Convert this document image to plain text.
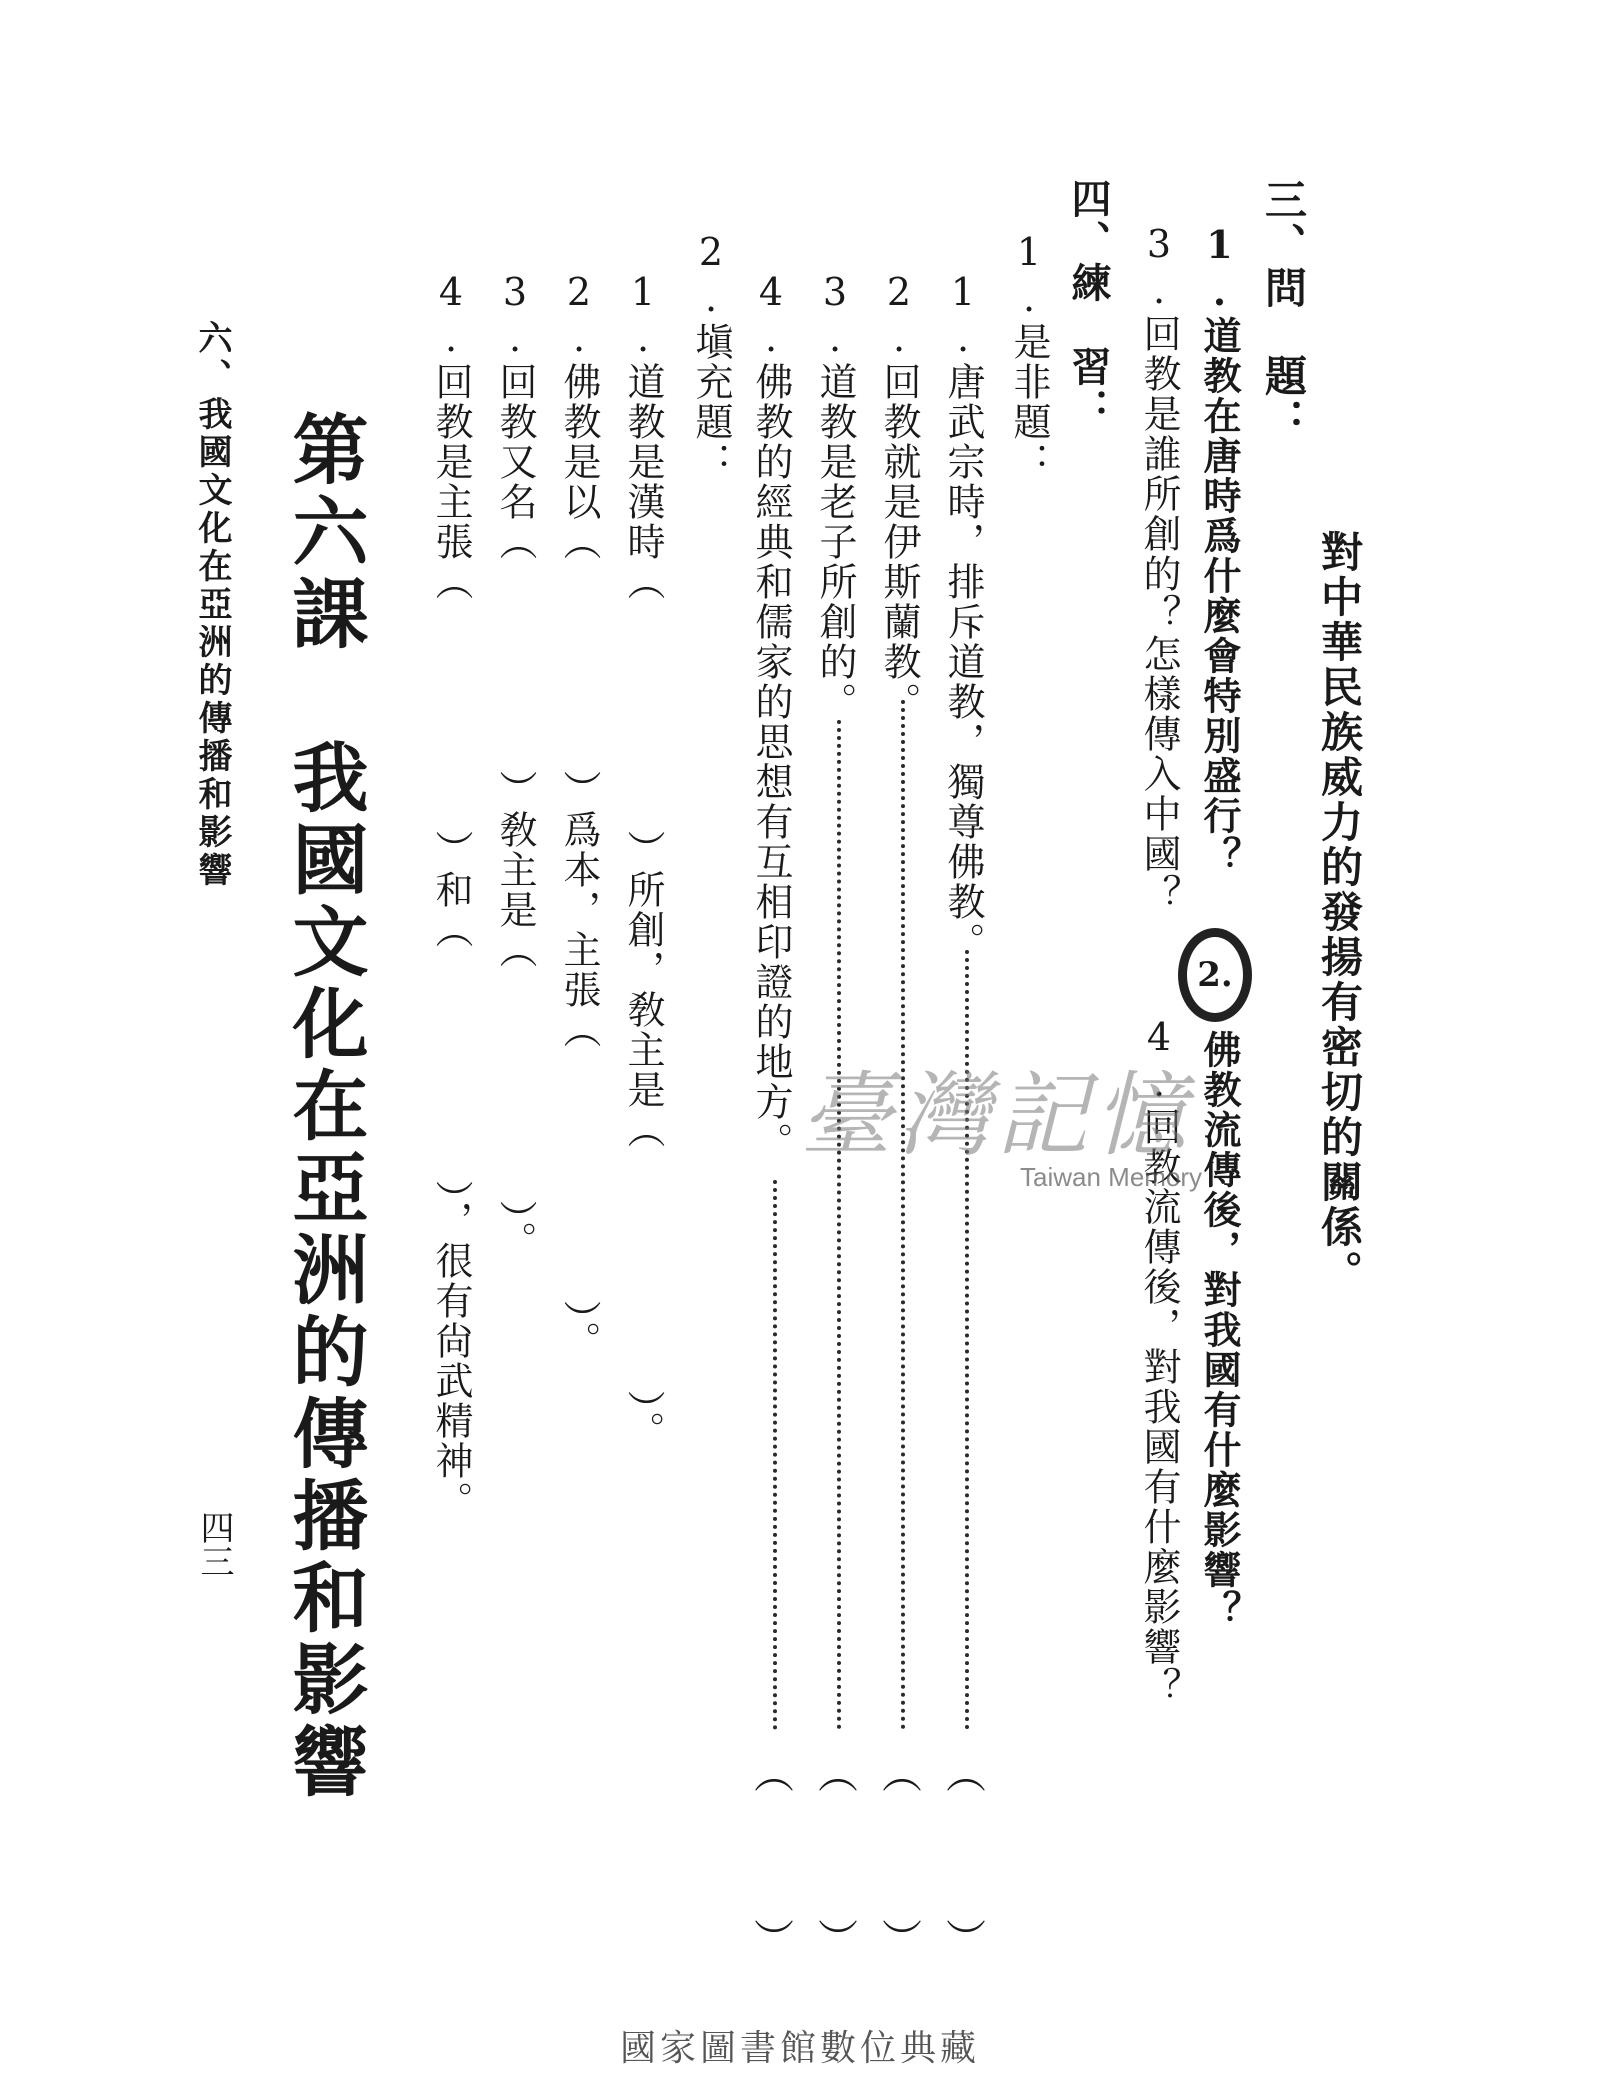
對中華民族威力的發揚有密切的關係。
三、問　題：
1.道教在唐時爲什麼會特別盛行？
2.
佛教流傳後，對我國有什麼影響？
3.回教是誰所創的？怎樣傳入中國？
4.回教流傳後，對我國有什麼影響？
四、練　習：
1.是非題：
1.唐武宗時，排斥道教，獨尊佛教。
2.回教就是伊斯蘭教。
3.道教是老子所創的。
4.佛教的經典和儒家的思想有互相印證的地方。
︵
︶
︵
︶
︵
︶
︵
︶
2.塡充題：
1.道教是漢時（
）所創，敎主是（
）。
2.佛教是以（
）爲本，主張（
）。
3.回教又名（
）敎主是（
）。
4.回教是主張（
）和（
），很有尙武精神。
第六課　我國文化在亞洲的傳播和影響
六、我國文化在亞洲的傳播和影響
四三
臺灣記憶
Taiwan Memory
國家圖書館數位典藏
